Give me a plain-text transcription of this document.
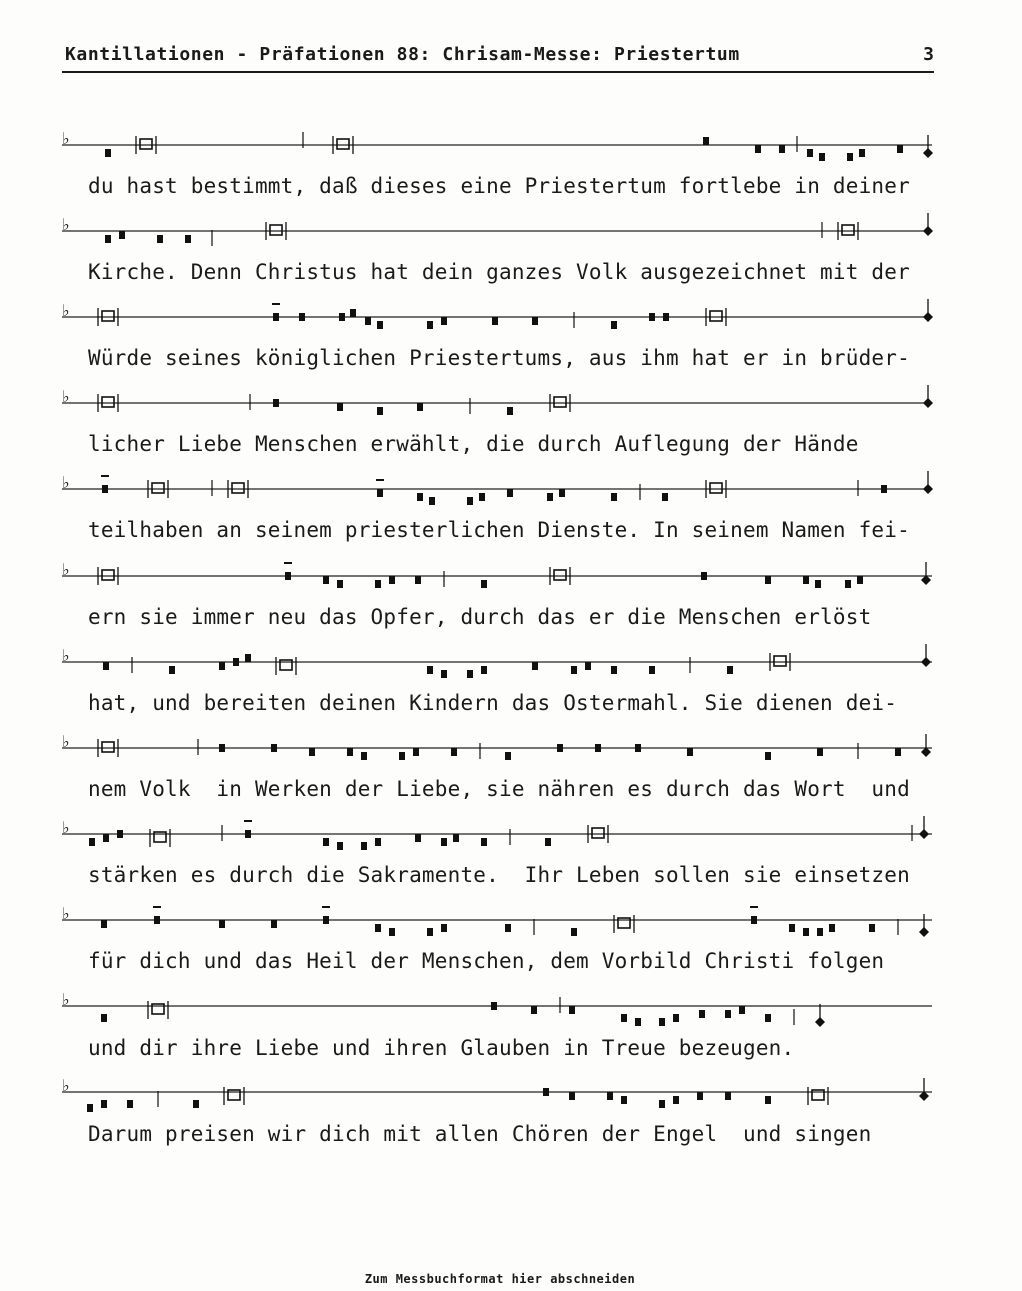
Kantillationen - Präfationen 88: Chrisam-Messe: Priestertum	3
♭
du hast bestimmt, daß dieses eine Priestertum fortlebe in deiner
♭
Kirche. Denn Christus hat dein ganzes Volk ausgezeichnet mit der
♭
Würde seines königlichen Priestertums, aus ihm hat er in brüder-
♭
licher Liebe Menschen erwählt, die durch Auflegung der Hände
♭
teilhaben an seinem priesterlichen Dienste. In seinem Namen fei-
♭
ern sie immer neu das Opfer, durch das er die Menschen erlöst
♭
hat, und bereiten deinen Kindern das Ostermahl. Sie dienen dei-
♭
nem Volk  in Werken der Liebe, sie nähren es durch das Wort  und
♭
stärken es durch die Sakramente.  Ihr Leben sollen sie einsetzen
♭
für dich und das Heil der Menschen, dem Vorbild Christi folgen
♭
und dir ihre Liebe und ihren Glauben in Treue bezeugen.
♭
Darum preisen wir dich mit allen Chören der Engel  und singen
Zum Messbuchformat hier abschneiden
